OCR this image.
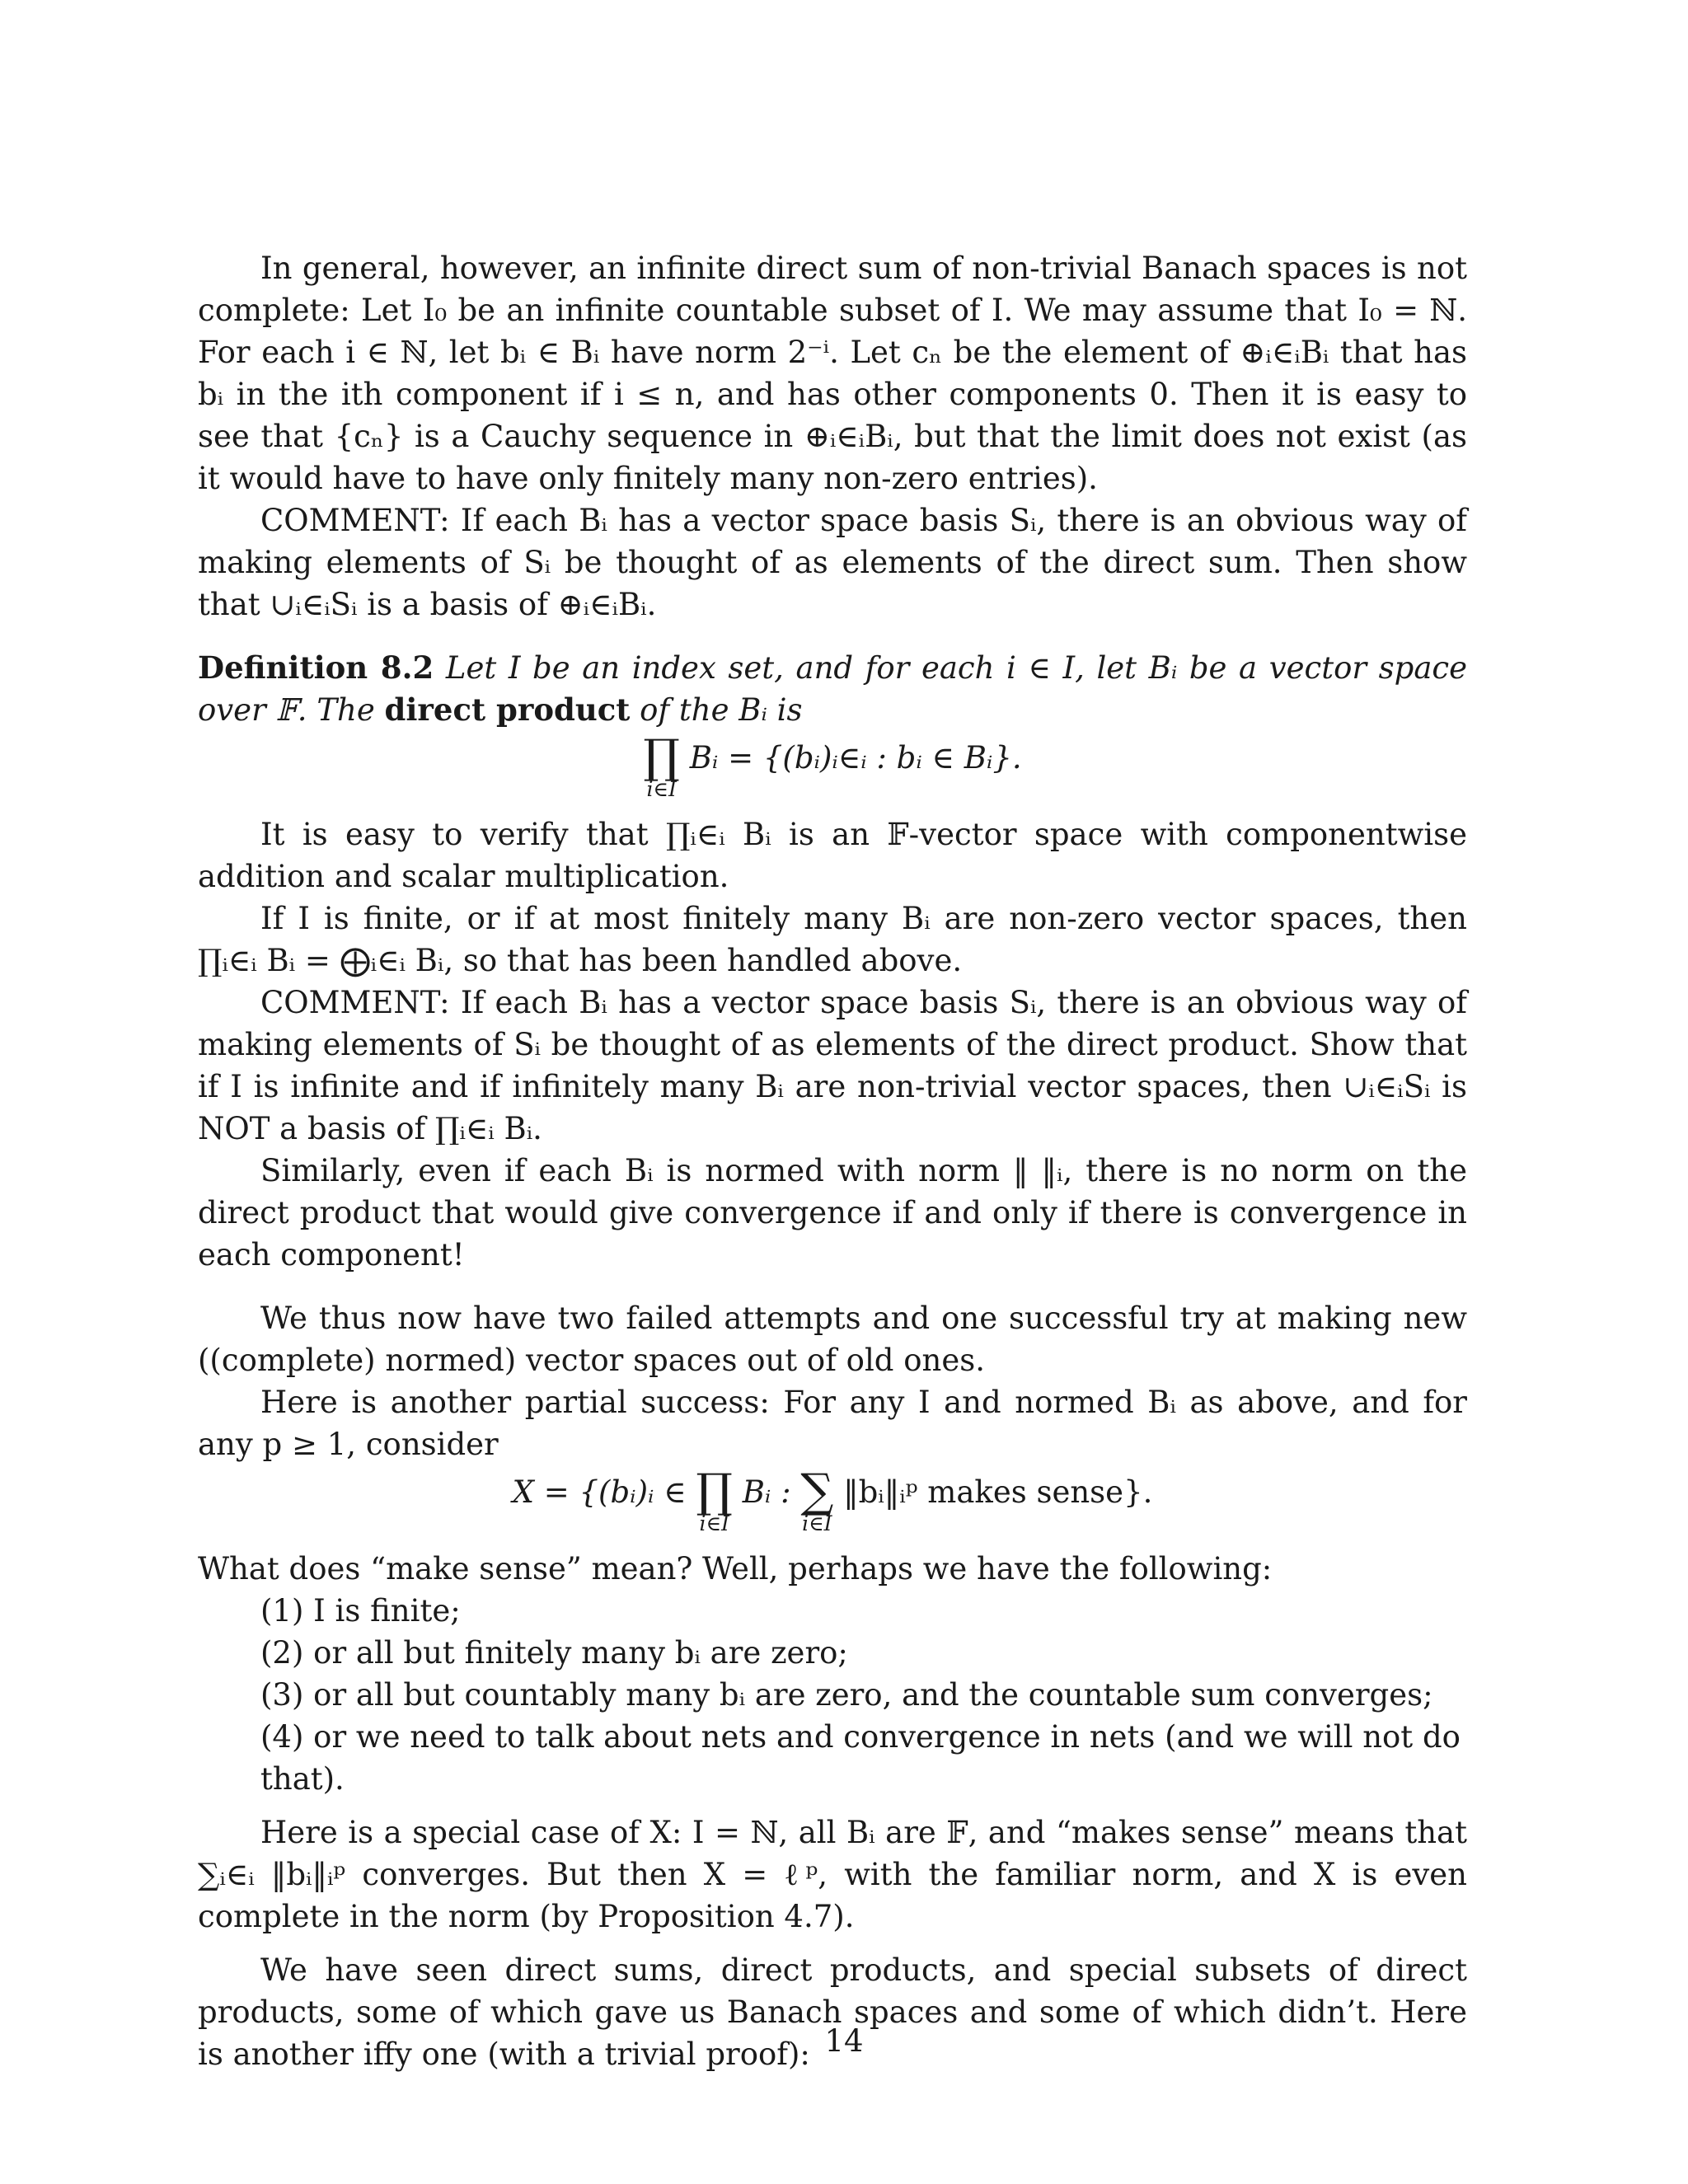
In general, however, an infinite direct sum of non-trivial Banach spaces is not complete: Let I₀ be an infinite countable subset of I. We may assume that I₀ = ℕ. For each i ∈ ℕ, let bᵢ ∈ Bᵢ have norm 2⁻ⁱ. Let cₙ be the element of ⊕ᵢ∈ᵢBᵢ that has bᵢ in the ith component if i ≤ n, and has other components 0. Then it is easy to see that {cₙ} is a Cauchy sequence in ⊕ᵢ∈ᵢBᵢ, but that the limit does not exist (as it would have to have only finitely many non-zero entries).

COMMENT: If each Bᵢ has a vector space basis Sᵢ, there is an obvious way of making elements of Sᵢ be thought of as elements of the direct sum. Then show that ∪ᵢ∈ᵢSᵢ is a basis of ⊕ᵢ∈ᵢBᵢ.

Definition 8.2 Let I be an index set, and for each i ∈ I, let Bᵢ be a vector space over 𝔽. The direct product of the Bᵢ is

∏
i∈I
Bᵢ = {(bᵢ)ᵢ∈ᵢ : bᵢ ∈ Bᵢ}.

It is easy to verify that ∏ᵢ∈ᵢ Bᵢ is an 𝔽-vector space with componentwise addition and scalar multiplication.

If I is finite, or if at most finitely many Bᵢ are non-zero vector spaces, then ∏ᵢ∈ᵢ Bᵢ = ⨁ᵢ∈ᵢ Bᵢ, so that has been handled above.

COMMENT: If each Bᵢ has a vector space basis Sᵢ, there is an obvious way of making elements of Sᵢ be thought of as elements of the direct product. Show that if I is infinite and if infinitely many Bᵢ are non-trivial vector spaces, then ∪ᵢ∈ᵢSᵢ is NOT a basis of ∏ᵢ∈ᵢ Bᵢ.

Similarly, even if each Bᵢ is normed with norm ‖ ‖ᵢ, there is no norm on the direct product that would give convergence if and only if there is convergence in each component!

We thus now have two failed attempts and one successful try at making new ((complete) normed) vector spaces out of old ones.

Here is another partial success: For any I and normed Bᵢ as above, and for any p ≥ 1, consider

X = {(bᵢ)ᵢ ∈ ∏
i∈I
Bᵢ : ∑
i∈I
‖bᵢ‖ᵢᵖ makes sense}.

What does “make sense” mean? Well, perhaps we have the following:

(1) I is finite;
(2) or all but finitely many bᵢ are zero;
(3) or all but countably many bᵢ are zero, and the countable sum converges;
(4) or we need to talk about nets and convergence in nets (and we will not do that).

Here is a special case of X: I = ℕ, all Bᵢ are 𝔽, and “makes sense” means that ∑ᵢ∈ᵢ ‖bᵢ‖ᵢᵖ converges. But then X = ℓᵖ, with the familiar norm, and X is even complete in the norm (by Proposition 4.7).

We have seen direct sums, direct products, and special subsets of direct products, some of which gave us Banach spaces and some of which didn’t. Here is another iffy one (with a trivial proof): 14
